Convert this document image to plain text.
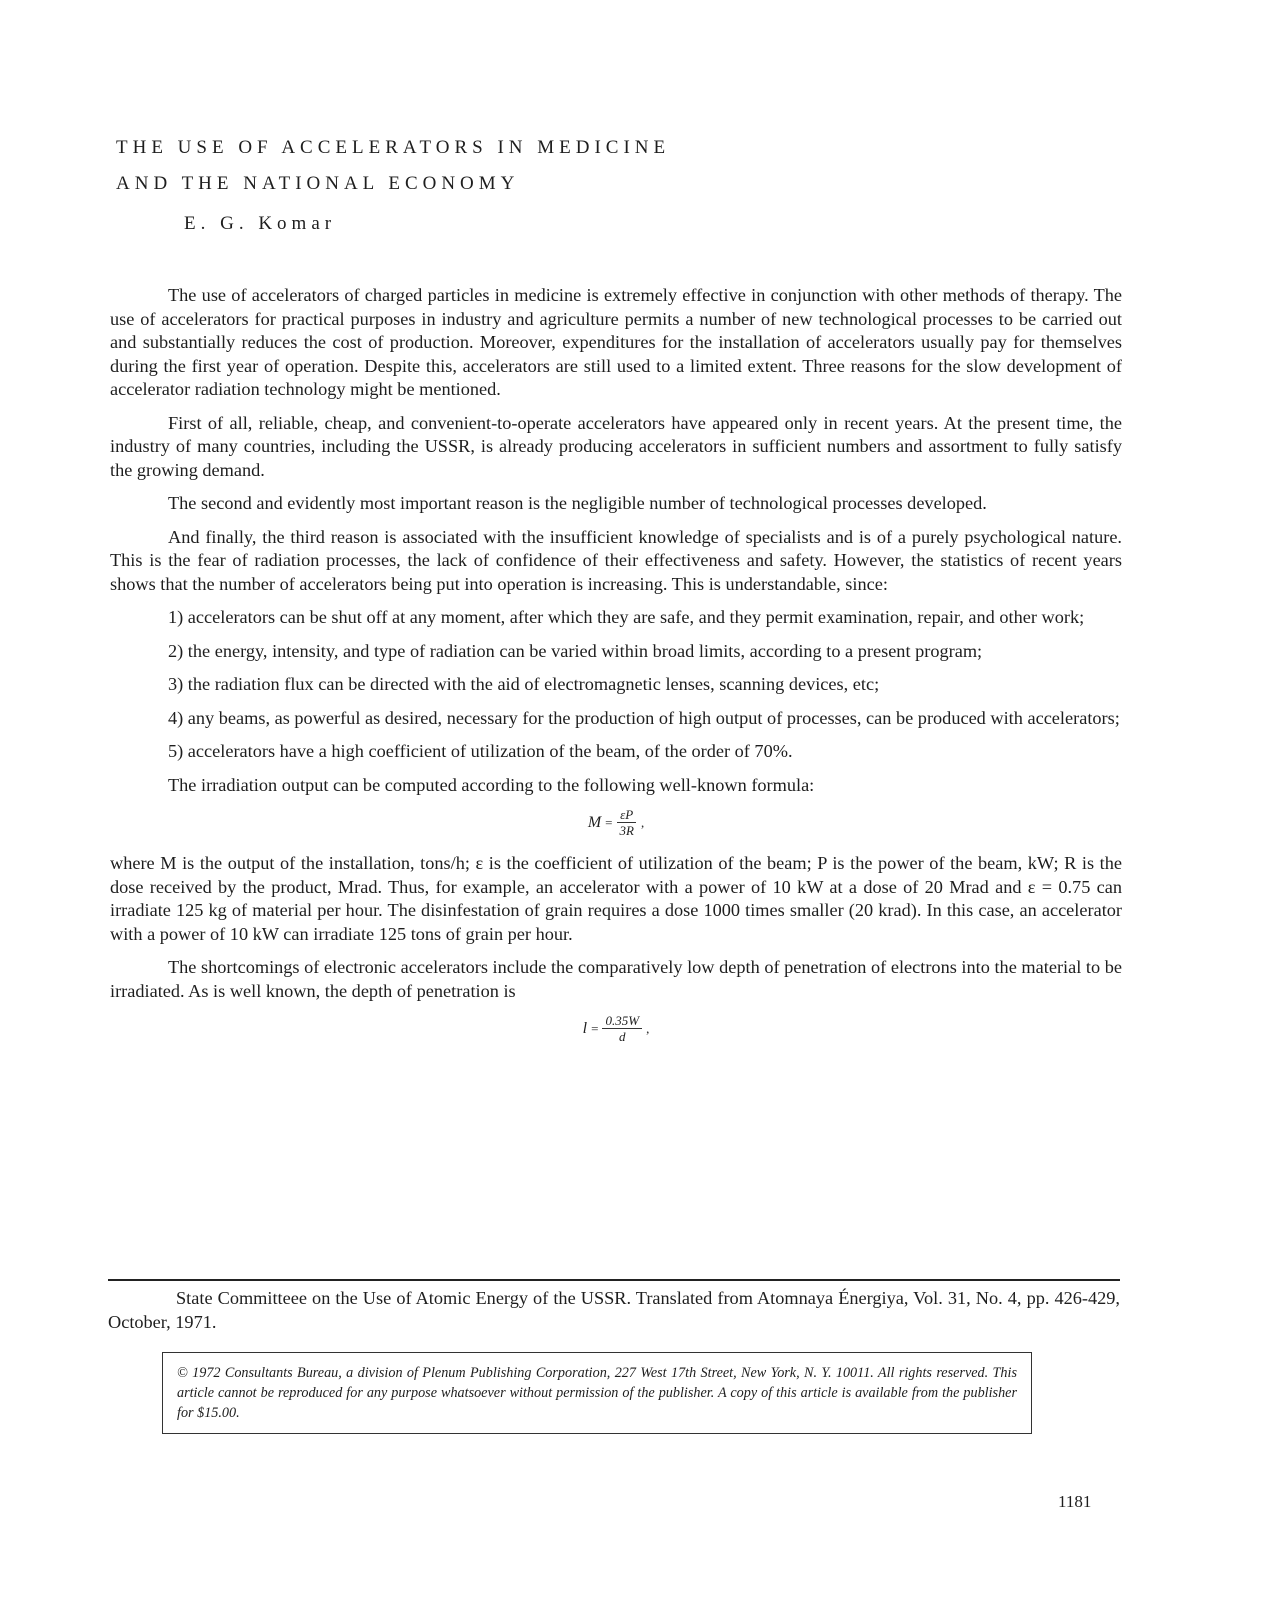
THE USE OF ACCELERATORS IN MEDICINE
AND THE NATIONAL ECONOMY
E. G. Komar

The use of accelerators of charged particles in medicine is extremely effective in conjunction with other methods of therapy. The use of accelerators for practical purposes in industry and agriculture permits a number of new technological processes to be carried out and substantially reduces the cost of production. Moreover, expenditures for the installation of accelerators usually pay for themselves during the first year of operation. Despite this, accelerators are still used to a limited extent. Three reasons for the slow development of accelerator radiation technology might be mentioned.

First of all, reliable, cheap, and convenient-to-operate accelerators have appeared only in recent years. At the present time, the industry of many countries, including the USSR, is already producing accelerators in sufficient numbers and assortment to fully satisfy the growing demand.

The second and evidently most important reason is the negligible number of technological processes developed.

And finally, the third reason is associated with the insufficient knowledge of specialists and is of a purely psychological nature. This is the fear of radiation processes, the lack of confidence of their effectiveness and safety. However, the statistics of recent years shows that the number of accelerators being put into operation is increasing. This is understandable, since:

1) accelerators can be shut off at any moment, after which they are safe, and they permit examination, repair, and other work;

2) the energy, intensity, and type of radiation can be varied within broad limits, according to a present program;

3) the radiation flux can be directed with the aid of electromagnetic lenses, scanning devices, etc;

4) any beams, as powerful as desired, necessary for the production of high output of processes, can be produced with accelerators;

5) accelerators have a high coefficient of utilization of the beam, of the order of 70%.

The irradiation output can be computed according to the following well-known formula:

$M = \frac{\varepsilon P}{3R}$ ,

where M is the output of the installation, tons/h; ε is the coefficient of utilization of the beam; P is the power of the beam, kW; R is the dose received by the product, Mrad. Thus, for example, an accelerator with a power of 10 kW at a dose of 20 Mrad and ε = 0.75 can irradiate 125 kg of material per hour. The disinfestation of grain requires a dose 1000 times smaller (20 krad). In this case, an accelerator with a power of 10 kW can irradiate 125 tons of grain per hour.

The shortcomings of electronic accelerators include the comparatively low depth of penetration of electrons into the material to be irradiated. As is well known, the depth of penetration is

$l = \frac{0.35W}{d}$ ,

State Committeee on the Use of Atomic Energy of the USSR. Translated from Atomnaya Énergiya, Vol. 31, No. 4, pp. 426-429, October, 1971.

© 1972 Consultants Bureau, a division of Plenum Publishing Corporation, 227 West 17th Street, New York, N. Y. 10011. All rights reserved. This article cannot be reproduced for any purpose whatsoever without permission of the publisher. A copy of this article is available from the publisher for $15.00.
1181
